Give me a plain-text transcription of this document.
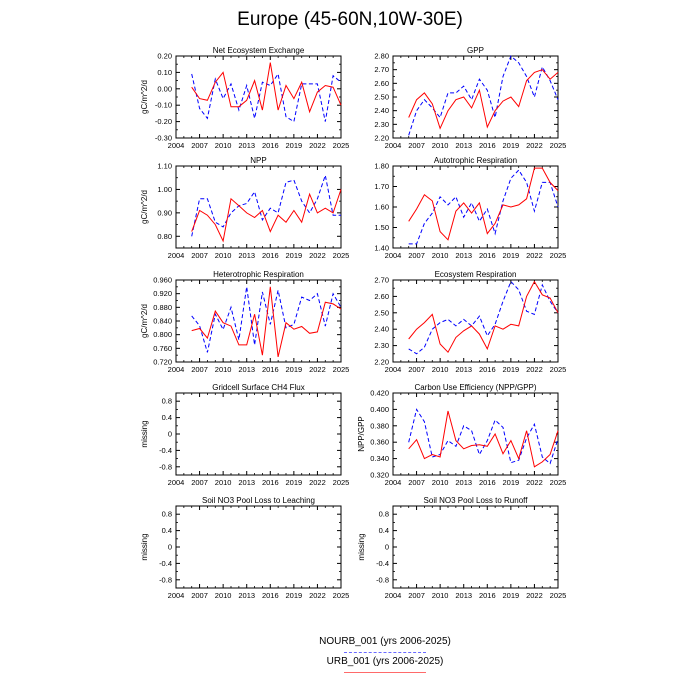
Europe (45-60N,10W-30E)
Net Ecosystem Exchange
gC/m^2/d
2004 2007 2010 2013 2016 2019 2022 2025
-0.30
-0.20
-0.10
0.00
0.10
0.20
GPP
2004 2007 2010 2013 2016 2019 2022 2025
2.20
2.30
2.40
2.50
2.60
2.70
2.80
NPP
gC/m^2/d
2004 2007 2010 2013 2016 2019 2022 2025
0.80
0.90
1.00
1.10
Autotrophic Respiration
2004 2007 2010 2013 2016 2019 2022 2025
1.40
1.50
1.60
1.70
1.80
Heterotrophic Respiration
gC/m^2/d
2004 2007 2010 2013 2016 2019 2022 2025
0.720
0.760
0.800
0.840
0.880
0.920
0.960
Ecosystem Respiration
2004 2007 2010 2013 2016 2019 2022 2025
2.20
2.30
2.40
2.50
2.60
2.70
Gridcell Surface CH4 Flux
missing
2004 2007 2010 2013 2016 2019 2022 2025
-0.8
-0.4
0
0.4
0.8
Carbon Use Efficiency (NPP/GPP)
NPP/GPP
2004 2007 2010 2013 2016 2019 2022 2025
0.320
0.340
0.360
0.380
0.400
0.420
Soil NO3 Pool Loss to Leaching
missing
2004 2007 2010 2013 2016 2019 2022 2025
-0.8
-0.4
0
0.4
0.8
Soil NO3 Pool Loss to Runoff
missing
2004 2007 2010 2013 2016 2019 2022 2025
-0.8
-0.4
0
0.4
0.8
NOURB_001 (yrs 2006-2025)
URB_001 (yrs 2006-2025)
